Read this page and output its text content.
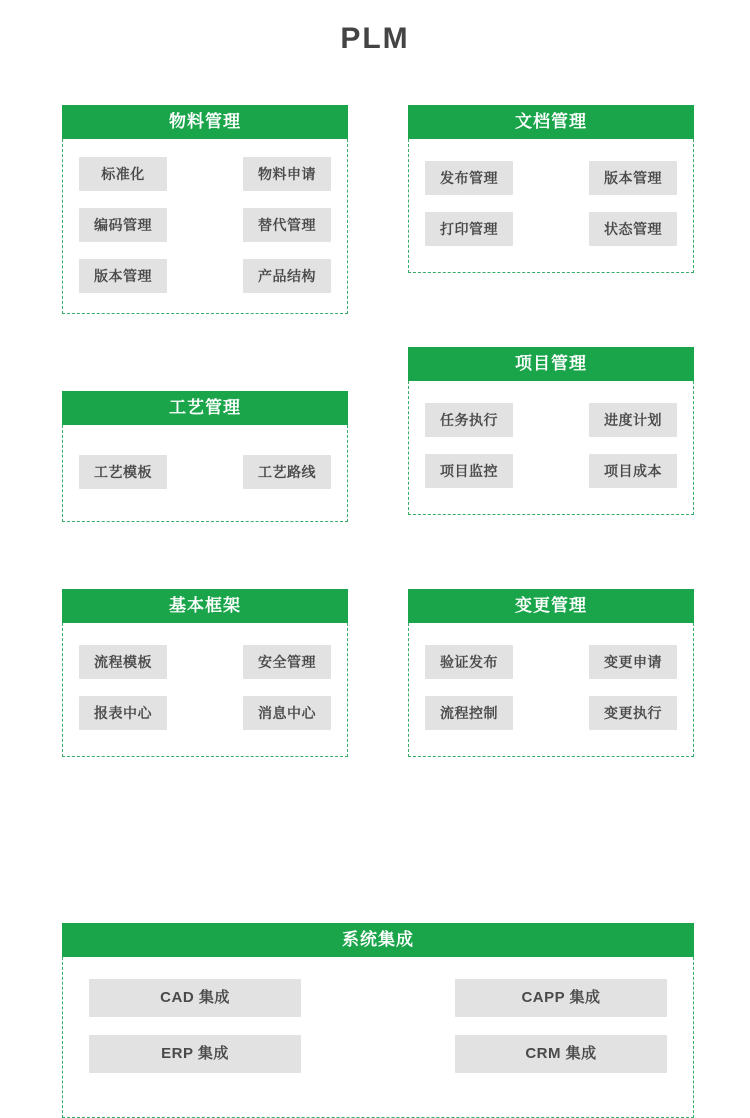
PLM
物料管理
标准化	物料申请
编码管理	替代管理
版本管理	产品结构
工艺管理
工艺模板	工艺路线
基本框架
流程模板	安全管理
报表中心	消息中心
文档管理
发布管理	版本管理
打印管理	状态管理
项目管理
任务执行	进度计划
项目监控	项目成本
变更管理
验证发布	变更申请
流程控制	变更执行
系统集成
CAD 集成	CAPP 集成
ERP 集成	CRM 集成
